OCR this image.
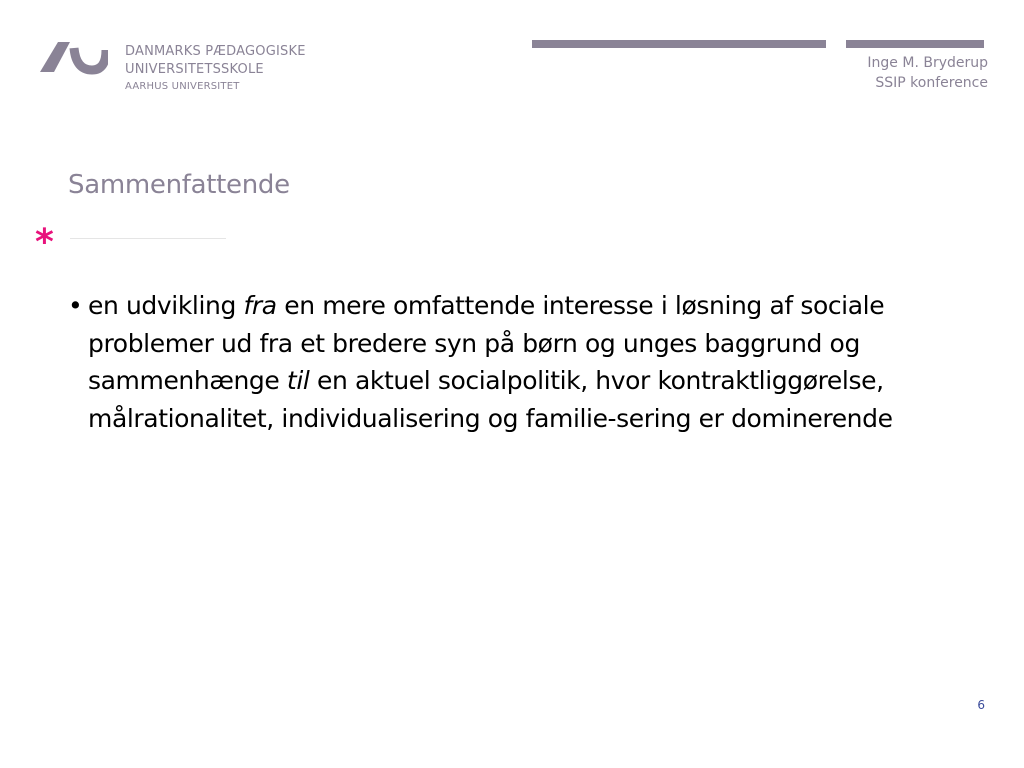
DANMARKS PÆDAGOGISKE
UNIVERSITETSSKOLE
AARHUS UNIVERSITET
Inge M. Bryderup
SSIP konference
Sammenfattende
*
• en udvikling fra en mere omfattende interesse i løsning af sociale problemer ud fra et bredere syn på børn og unges baggrund og sammenhænge til en aktuel socialpolitik, hvor kontraktliggørelse, målrationalitet, individualisering og familie-sering er dominerende
6
